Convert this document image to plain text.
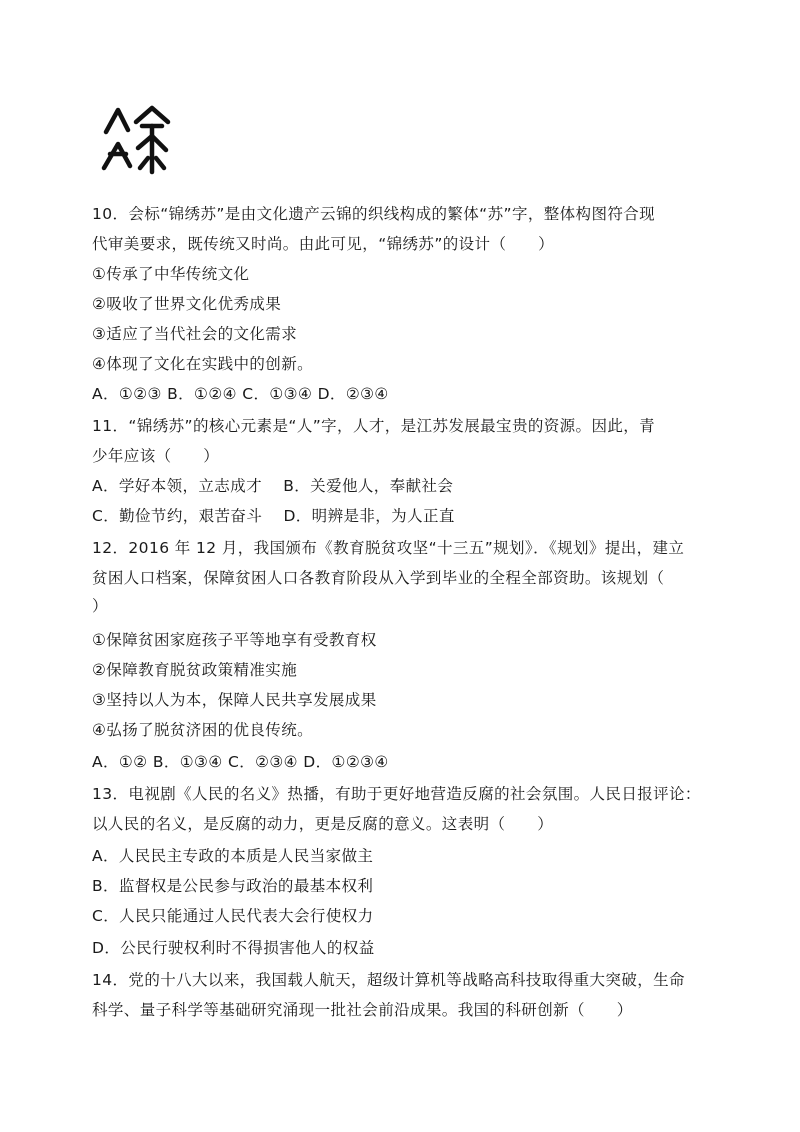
10．会标“锦绣苏”是由文化遗产云锦的织线构成的繁体“苏”字，整体构图符合现
代审美要求，既传统又时尚。由此可见，“锦绣苏”的设计（　　）
①传承了中华传统文化
②吸收了世界文化优秀成果
③适应了当代社会的文化需求
④体现了文化在实践中的创新。
A．①②③ B．①②④ C．①③④ D．②③④
11．“锦绣苏”的核心元素是“人”字，人才，是江苏发展最宝贵的资源。因此，青
少年应该（　　）
A．学好本领，立志成才　 B．关爱他人，奉献社会
C．勤俭节约，艰苦奋斗　 D．明辨是非，为人正直
12．2016 年 12 月，我国颁布《教育脱贫攻坚“十三五”规划》．《规划》提出，建立
贫困人口档案，保障贫困人口各教育阶段从入学到毕业的全程全部资助。该规划（
）
①保障贫困家庭孩子平等地享有受教育权
②保障教育脱贫政策精准实施
③坚持以人为本，保障人民共享发展成果
④弘扬了脱贫济困的优良传统。
A．①② B．①③④ C．②③④ D．①②③④
13．电视剧《人民的名义》热播，有助于更好地营造反腐的社会氛围。人民日报评论：
以人民的名义，是反腐的动力，更是反腐的意义。这表明（　　）
A．人民民主专政的本质是人民当家做主
B．监督权是公民参与政治的最基本权利
C．人民只能通过人民代表大会行使权力
D．公民行驶权利时不得损害他人的权益
14．党的十八大以来，我国载人航天，超级计算机等战略高科技取得重大突破，生命
科学、量子科学等基础研究涌现一批社会前沿成果。我国的科研创新（　　）
